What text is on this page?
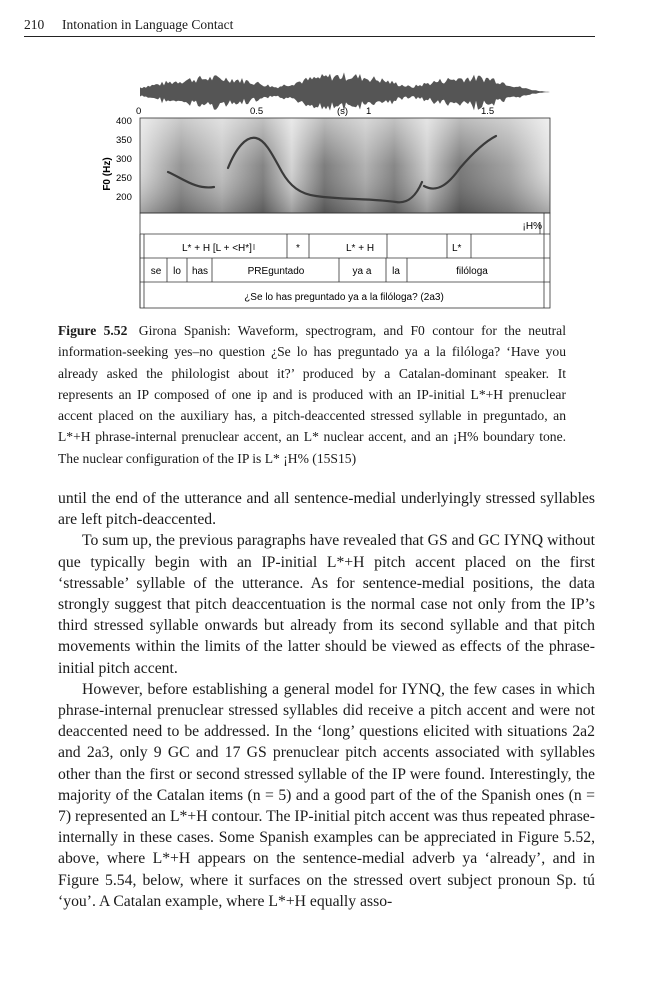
210 Intonation in Language Contact
0	0.5	(s) 1	1.5
F0 (Hz)
400
350
300
250
200
¡H%
L* + H [L + <H*]	*	L* + H	L*
se lo has	PREguntado	ya a la	filóloga
¿Se lo has preguntado ya a la filóloga? (2a3)
Figure 5.52 Girona Spanish: Waveform, spectrogram, and F0 contour for the neutral information-seeking yes–no question ¿Se lo has preguntado ya a la filóloga? ‘Have you already asked the philologist about it?’ produced by a Catalan-dominant speaker. It represents an IP composed of one ip and is produced with an IP-initial L*+H prenuclear accent placed on the auxiliary has, a pitch-deaccented stressed syllable in preguntado, an L*+H phrase-internal prenuclear accent, an L* nuclear accent, and an ¡H% boundary tone. The nuclear configuration of the IP is L* ¡H% (15S15)

until the end of the utterance and all sentence-medial underlyingly stressed syllables are left pitch-deaccented.

To sum up, the previous paragraphs have revealed that GS and GC IYNQ without que typically begin with an IP-initial L*+H pitch accent placed on the first ‘stressable’ syllable of the utterance. As for sentence-medial positions, the data strongly suggest that pitch deaccentuation is the normal case not only from the IP’s third stressed syllable onwards but already from its second syllable and that pitch movements within the limits of the latter should be viewed as effects of the phrase-initial pitch accent.

However, before establishing a general model for IYNQ, the few cases in which phrase-internal prenuclear stressed syllables did receive a pitch accent and were not deaccented need to be addressed. In the ‘long’ questions elicited with situations 2a2 and 2a3, only 9 GC and 17 GS prenuclear pitch accents associated with syllables other than the first or second stressed syllable of the IP were found. Interestingly, the majority of the Catalan items (n = 5) and a good part of the of the Spanish ones (n = 7) represented an L*+H contour. The IP-initial pitch accent was thus repeated phrase-internally in these cases. Some Spanish examples can be appreciated in Figure 5.52, above, where L*+H appears on the sentence-medial adverb ya ‘already’, and in Figure 5.54, below, where it surfaces on the stressed overt subject pronoun Sp. tú ‘you’. A Catalan example, where L*+H equally asso-
